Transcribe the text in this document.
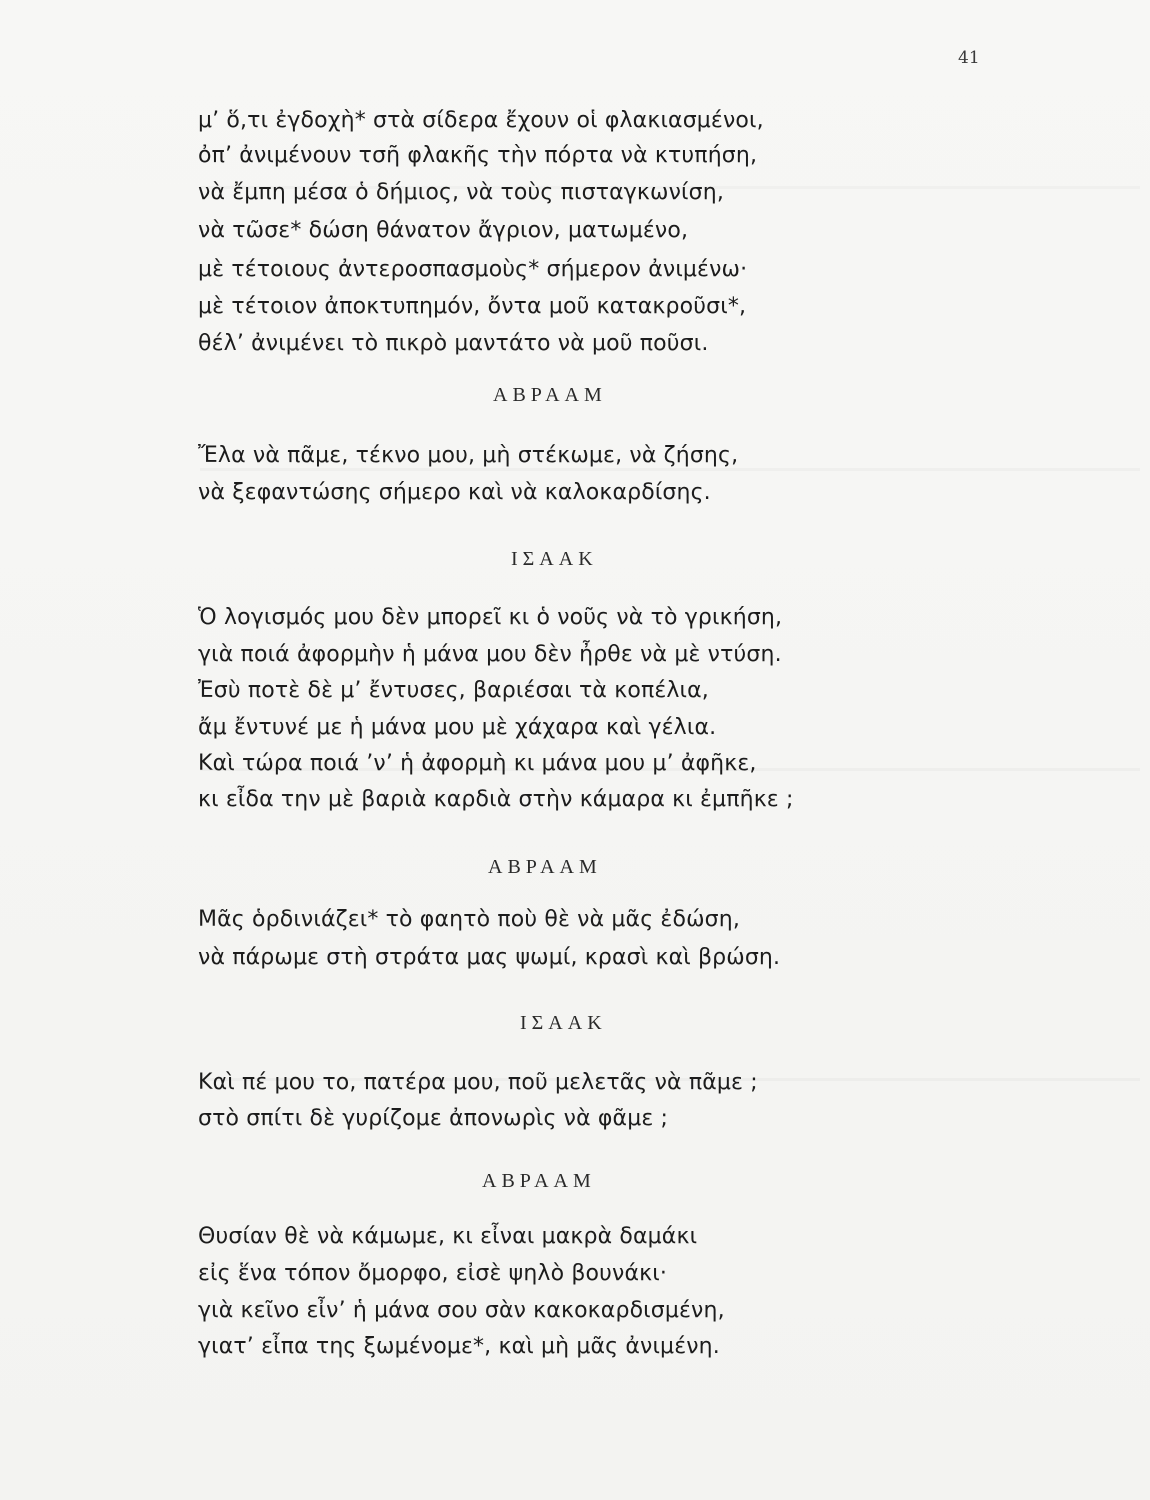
41
μ’ ὅ,τι ἐγδοχὴ* στὰ σίδερα ἔχουν οἱ φλακιασμένοι,
ὀπ’ ἀνιμένουν τσῆ φλακῆς τὴν πόρτα νὰ κτυπήση,
νὰ ἔμπη μέσα ὁ δήμιος, νὰ τοὺς πισταγκωνίση,
νὰ τῶσε* δώση θάνατον ἄγριον, ματωμένο,
μὲ τέτοιους ἀντεροσπασμοὺς* σήμερον ἀνιμένω·
μὲ τέτοιον ἀποκτυπημόν, ὄντα μοῦ κατακροῦσι*,
θέλ’ ἀνιμένει τὸ πικρὸ μαντάτο νὰ μοῦ ποῦσι.
ΑΒΡΑΑΜ
Ἔλα νὰ πᾶμε, τέκνο μου, μὴ στέκωμε, νὰ ζήσης,
νὰ ξεφαντώσης σήμερο καὶ νὰ καλοκαρδίσης.
ΙΣΑΑΚ
Ὁ λογισμός μου δὲν μπορεῖ κι ὁ νοῦς νὰ τὸ γρικήση,
γιὰ ποιά ἀφορμὴν ἡ μάνα μου δὲν ἦρθε νὰ μὲ ντύση.
Ἐσὺ ποτὲ δὲ μ’ ἔντυσες, βαριέσαι τὰ κοπέλια,
ἄμ ἔντυνέ με ἡ μάνα μου μὲ χάχαρα καὶ γέλια.
Καὶ τώρα ποιά ’ν’ ἡ ἀφορμὴ κι μάνα μου μ’ ἀφῆκε,
κι εἶδα την μὲ βαριὰ καρδιὰ στὴν κάμαρα κι ἐμπῆκε ;
ΑΒΡΑΑΜ
Μᾶς ὁρδινιάζει* τὸ φαητὸ ποὺ θὲ νὰ μᾶς ἐδώση,
νὰ πάρωμε στὴ στράτα μας ψωμί, κρασὶ καὶ βρώση.
ΙΣΑΑΚ
Καὶ πέ μου το, πατέρα μου, ποῦ μελετᾶς νὰ πᾶμε ;
στὸ σπίτι δὲ γυρίζομε ἀπονωρὶς νὰ φᾶμε ;
ΑΒΡΑΑΜ
Θυσίαν θὲ νὰ κάμωμε, κι εἶναι μακρὰ δαμάκι
εἰς ἕνα τόπον ὄμορφο, εἰσὲ ψηλὸ βουνάκι·
γιὰ κεῖνο εἶν’ ἡ μάνα σου σὰν κακοκαρδισμένη,
γιατ’ εἶπα της ξωμένομε*, καὶ μὴ μᾶς ἀνιμένη.
